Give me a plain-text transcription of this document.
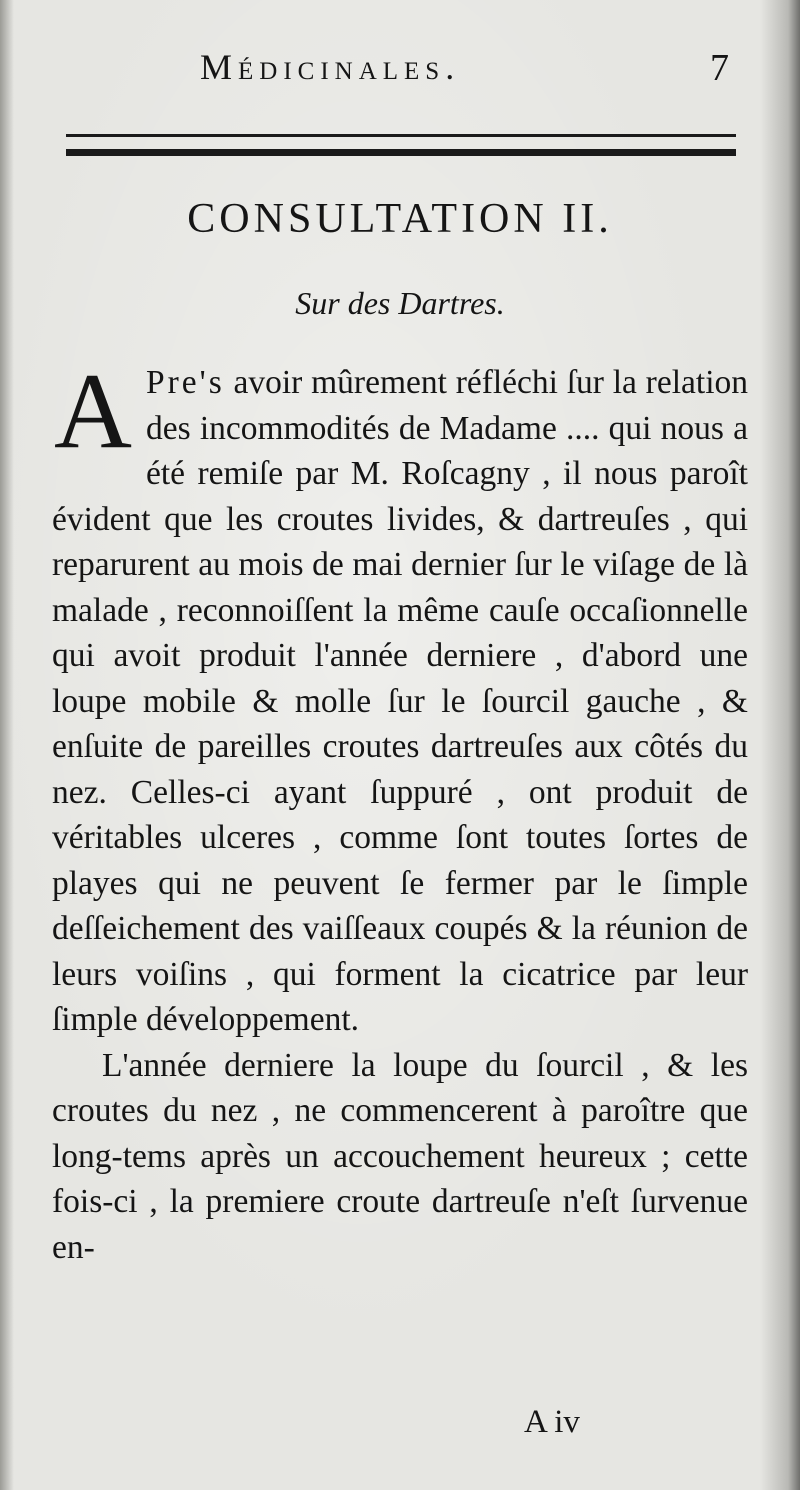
Médicinales.	7
CONSULTATION II.
Sur des Dartres.

A Pre's avoir mûrement réfléchi ſur la relation des incommodités de Madame .... qui nous a été remiſe par M. Roſcagny , il nous paroît évident que les croutes livides, & dartreuſes , qui reparurent au mois de mai dernier ſur le viſage de là malade , reconnoiſſent la même cauſe occaſionnelle qui avoit produit l'année derniere , d'abord une loupe mobile & molle ſur le ſourcil gauche , & enſuite de pareilles croutes dartreuſes aux côtés du nez. Celles-ci ayant ſuppuré , ont produit de véritables ulceres , comme ſont toutes ſortes de playes qui ne peuvent ſe fermer par le ſimple deſſeichement des vaiſſeaux coupés & la réunion de leurs voiſins , qui forment la cicatrice par leur ſimple développement.

L'année derniere la loupe du ſourcil , & les croutes du nez , ne commencerent à paroître que long-tems après un accouchement heureux ; cette fois-ci , la premiere croute dartreuſe n'eſt ſurvenue en-

A iv
